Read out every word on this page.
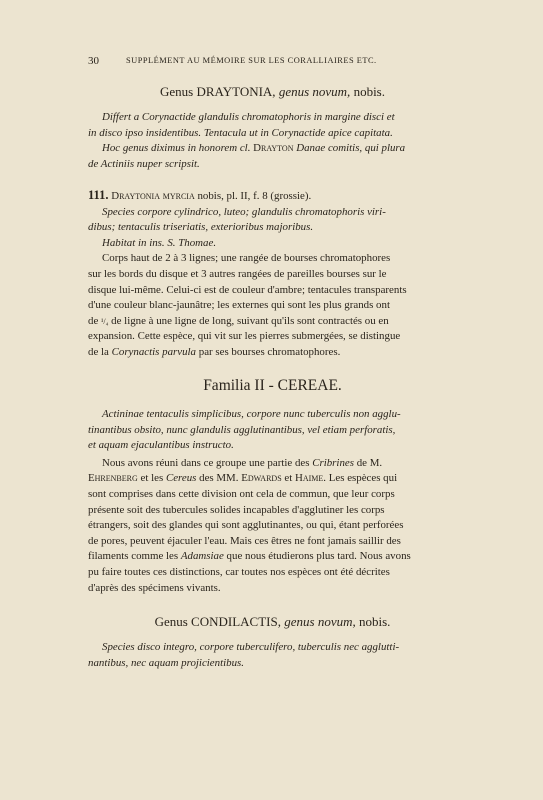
30	SUPPLÉMENT AU MÉMOIRE SUR LES CORALLIAIRES ETC.
Genus DRAYTONIA, genus novum, nobis.

Differt a Corynactide glandulis chromatophoris in margine disci et

in disco ipso insidentibus. Tentacula ut in Corynactide apice capitata.

Hoc genus diximus in honorem cl. Drayton Danae comitis, qui plura

de Actiniis nuper scripsit.

111. Draytonia myrcia nobis, pl. II, f. 8 (grossie).

Species corpore cylindrico, luteo; glandulis chromatophoris viri-

dibus; tentaculis triseriatis, exterioribus majoribus.

Habitat in ins. S. Thomae.

Corps haut de 2 à 3 lignes; une rangée de bourses chromatophores

sur les bords du disque et 3 autres rangées de pareilles bourses sur le

disque lui-même. Celui-ci est de couleur d'ambre; tentacules transparents

d'une couleur blanc-jaunâtre; les externes qui sont les plus grands ont

de ¹/₄ de ligne à une ligne de long, suivant qu'ils sont contractés ou en

expansion. Cette espèce, qui vit sur les pierres submergées, se distingue

de la Corynactis parvula par ses bourses chromatophores.

Familia II - CEREAE.

Actininae tentaculis simplicibus, corpore nunc tuberculis non agglu-

tinantibus obsito, nunc glandulis agglutinantibus, vel etiam perforatis,

et aquam ejaculantibus instructo.

Nous avons réuni dans ce groupe une partie des Cribrines de M.

Ehrenberg et les Cereus des MM. Edwards et Haime. Les espèces qui

sont comprises dans cette division ont cela de commun, que leur corps

présente soit des tubercules solides incapables d'agglutiner les corps

étrangers, soit des glandes qui sont agglutinantes, ou qui, étant perforées

de pores, peuvent éjaculer l'eau. Mais ces êtres ne font jamais saillir des

filaments comme les Adamsiae que nous étudierons plus tard. Nous avons

pu faire toutes ces distinctions, car toutes nos espèces ont été décrites

d'après des spécimens vivants.

Genus CONDILACTIS, genus novum, nobis.

Species disco integro, corpore tuberculifero, tuberculis nec agglutti-

nantibus, nec aquam projicientibus.
